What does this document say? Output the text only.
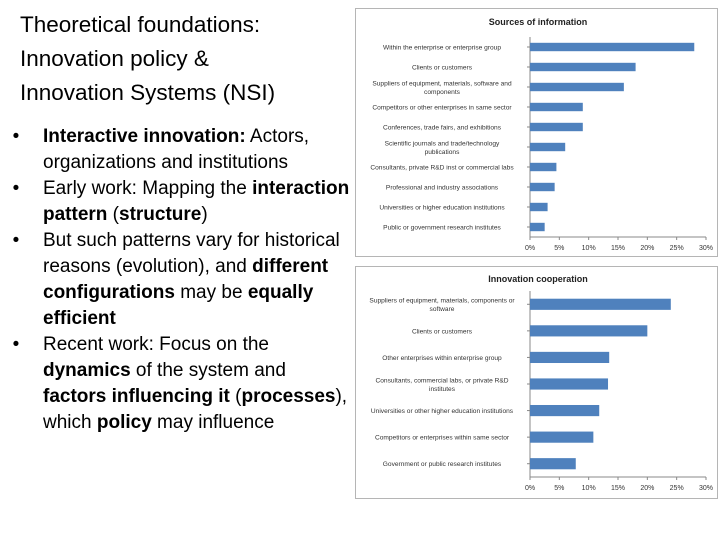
Theoretical foundations:
Innovation policy &
Innovation Systems (NSI)
•	Interactive innovation: Actors, organizations and institutions
•	Early work: Mapping the interaction pattern (structure)
•	But such patterns vary for historical reasons (evolution), and different configurations may be equally efficient
•	Recent work: Focus on the dynamics of the system and factors influencing it (processes), which policy may influence
Sources of information
Within the enterprise or enterprise group
Clients or customers
Suppliers of equipment, materials, software and
components
Competitors or other enterprises in same sector
Conferences, trade fairs, and exhibitions
Scientific journals and trade/technology
publications
Consultants, private R&D inst or commercial labs
Professional and industry associations
Universities or higher education institutions
Public or government research institutes
0%	5% 10% 15% 20% 25% 30%
Innovation cooperation
Suppliers of equipment, materials, components or
software
Clients or customers
Other enterprises within enterprise group
Consultants, commercial labs, or private R&D
institutes
Universities or other higher education institutions
Competitors or enterprises within same sector
Government or public research institutes
0%	5% 10% 15% 20% 25% 30%
